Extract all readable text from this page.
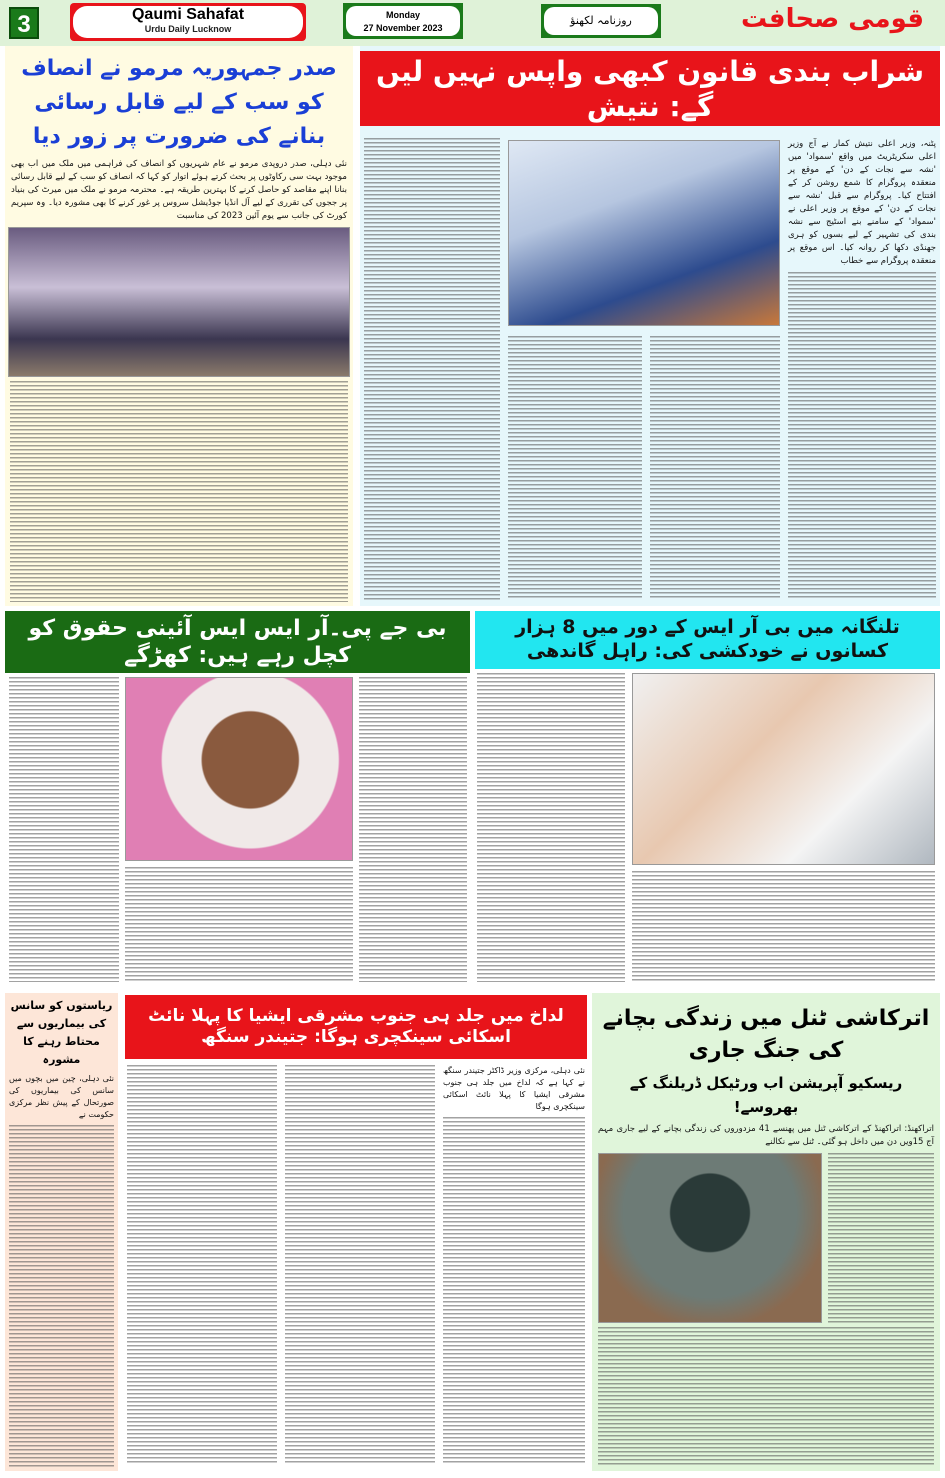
3	Qaumi Sahafat
Urdu Daily Lucknow
Monday
27 November 2023
روزنامہ لکھنؤ	قومی صحافت
صدر جمہوریہ مرمو نے انصاف کو سب کے لیے قابل رسائی بنانے کی ضرورت پر زور دیا
نئی دہلی، صدر دروپدی مرمو نے عام شہریوں کو انصاف کی فراہمی میں ملک میں اب بھی موجود بہت سی رکاوٹوں پر بحث کرتے ہوئے اتوار کو کہا کہ انصاف کو سب کے لیے قابل رسائی بنانا اپنے مقاصد کو حاصل کرنے کا بہترین طریقہ ہے۔ محترمہ مرمو نے ملک میں میرٹ کی بنیاد پر ججوں کی تقرری کے لیے آل انڈیا جوڈیشل سروس پر غور کرنے کا بھی مشورہ دیا۔ وہ سپریم کورٹ کی جانب سے یوم آئین 2023 کی مناسبت
شراب بندی قانون کبھی واپس نہیں لیں گے: نتیش
پٹنہ، وزیر اعلی نتیش کمار نے آج وزیر اعلی سکریٹریٹ میں واقع 'سمواد' میں 'نشہ سے نجات کے دن' کے موقع پر منعقدہ پروگرام کا شمع روشن کر کے افتتاح کیا۔ پروگرام سے قبل 'نشہ سے نجات کے دن' کے موقع پر وزیر اعلی نے 'سمواد' کے سامنے بنے اسٹیج سے نشہ بندی کی تشہیر کے لیے بسوں کو ہری جھنڈی دکھا کر روانہ کیا۔ اس موقع پر منعقدہ پروگرام سے خطاب
بی جے پی۔آر ایس ایس آئینی حقوق کو کچل رہے ہیں: کھڑگے
تلنگانہ میں بی آر ایس کے دور میں 8 ہزار کسانوں نے خودکشی کی: راہل گاندھی
ریاستوں کو سانس کی بیماریوں سے محتاط رہنے کا مشورہ
نئی دہلی، چین میں بچوں میں سانس کی بیماریوں کی صورتحال کے پیش نظر مرکزی حکومت نے
لداخ میں جلد ہی جنوب مشرقی ایشیا کا پہلا نائٹ اسکائی سینکچری ہوگا: جتیندر سنگھ
نئی دہلی، مرکزی وزیر ڈاکٹر جتیندر سنگھ نے کہا ہے کہ لداخ میں جلد ہی جنوب مشرقی ایشیا کا پہلا نائٹ اسکائی سینکچری ہوگا
اترکاشی ٹنل میں زندگی بچانے کی جنگ جاری
ریسکیو آپریشن اب ورٹیکل ڈریلنگ کے بھروسے!
اتراکھنڈ: اتراکھنڈ کے اترکاشی ٹنل میں پھنسے 41 مزدوروں کی زندگی بچانے کے لیے جاری مہم آج 15ویں دن میں داخل ہو گئی۔ ٹنل سے نکالنے
